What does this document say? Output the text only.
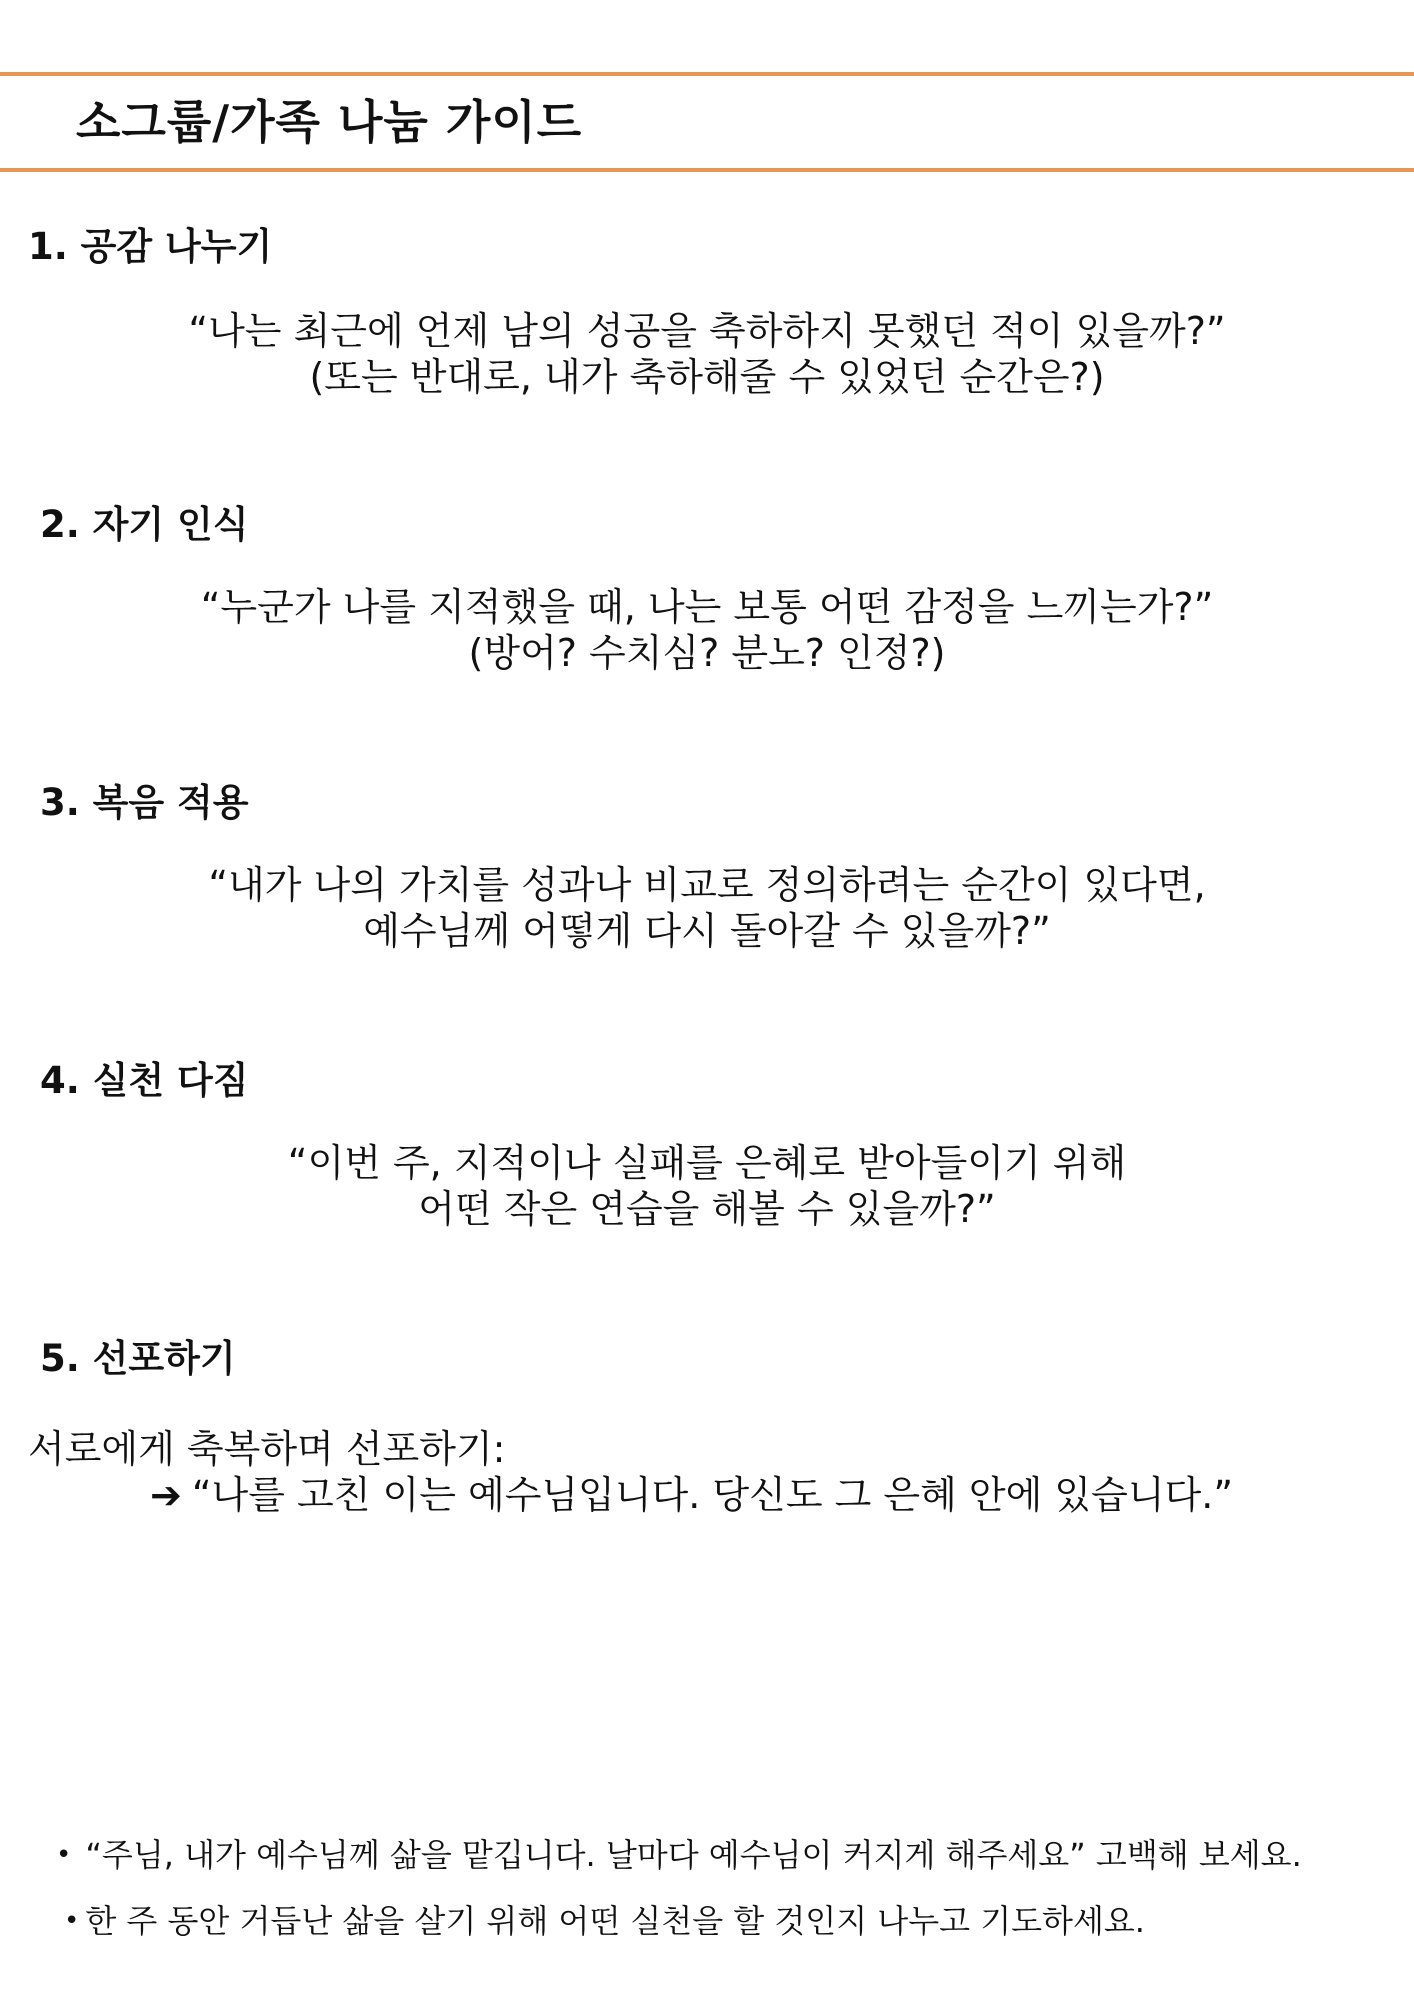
소그룹/가족 나눔 가이드
1. 공감 나누기
“나는 최근에 언제 남의 성공을 축하하지 못했던 적이 있을까?”
(또는 반대로, 내가 축하해줄 수 있었던 순간은?)
2. 자기 인식
“누군가 나를 지적했을 때, 나는 보통 어떤 감정을 느끼는가?”
(방어? 수치심? 분노? 인정?)
3. 복음 적용
“내가 나의 가치를 성과나 비교로 정의하려는 순간이 있다면,
예수님께 어떻게 다시 돌아갈 수 있을까?”
4. 실천 다짐
“이번 주, 지적이나 실패를 은혜로 받아들이기 위해
어떤 작은 연습을 해볼 수 있을까?”
5. 선포하기
서로에게 축복하며 선포하기:
➔ “나를 고친 이는 예수님입니다. 당신도 그 은혜 안에 있습니다.”
• “주님, 내가 예수님께 삶을 맡깁니다. 날마다 예수님이 커지게 해주세요” 고백해 보세요.
• 한 주 동안 거듭난 삶을 살기 위해 어떤 실천을 할 것인지 나누고 기도하세요.
